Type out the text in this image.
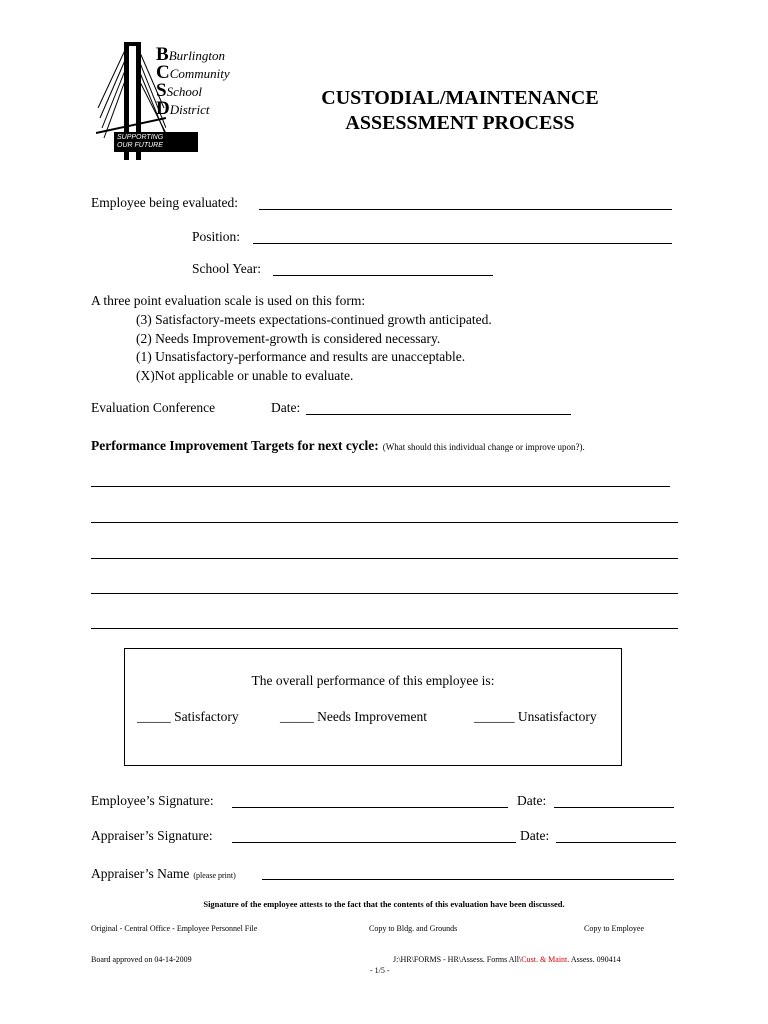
BBurlington
CCommunity
SSchool
DDistrict
SUPPORTING
OUR FUTURE
CUSTODIAL/MAINTENANCE
ASSESSMENT PROCESS
Employee being evaluated:
Position:
School Year:
A three point evaluation scale is used on this form:
(3) Satisfactory-meets expectations-continued growth anticipated.
(2) Needs Improvement-growth is considered necessary.
(1) Unsatisfactory-performance and results are unacceptable.
(X)Not applicable or unable to evaluate.
Evaluation Conference	Date:
Performance Improvement Targets for next cycle: (What should this individual change or improve upon?).
The overall performance of this employee is:
_____ Satisfactory	_____ Needs Improvement	______ Unsatisfactory
Employee’s Signature:	Date:
Appraiser’s Signature:	Date:
Appraiser’s Name (please print)
Signature of the employee attests to the fact that the contents of this evaluation have been discussed.
Original - Central Office - Employee Personnel File	Copy to Bldg. and Grounds	Copy to Employee
Board approved on 04-14-2009	J:\HR\FORMS - HR\Assess. Forms All\Cust. & Maint. Assess. 090414
- 1/5 -
